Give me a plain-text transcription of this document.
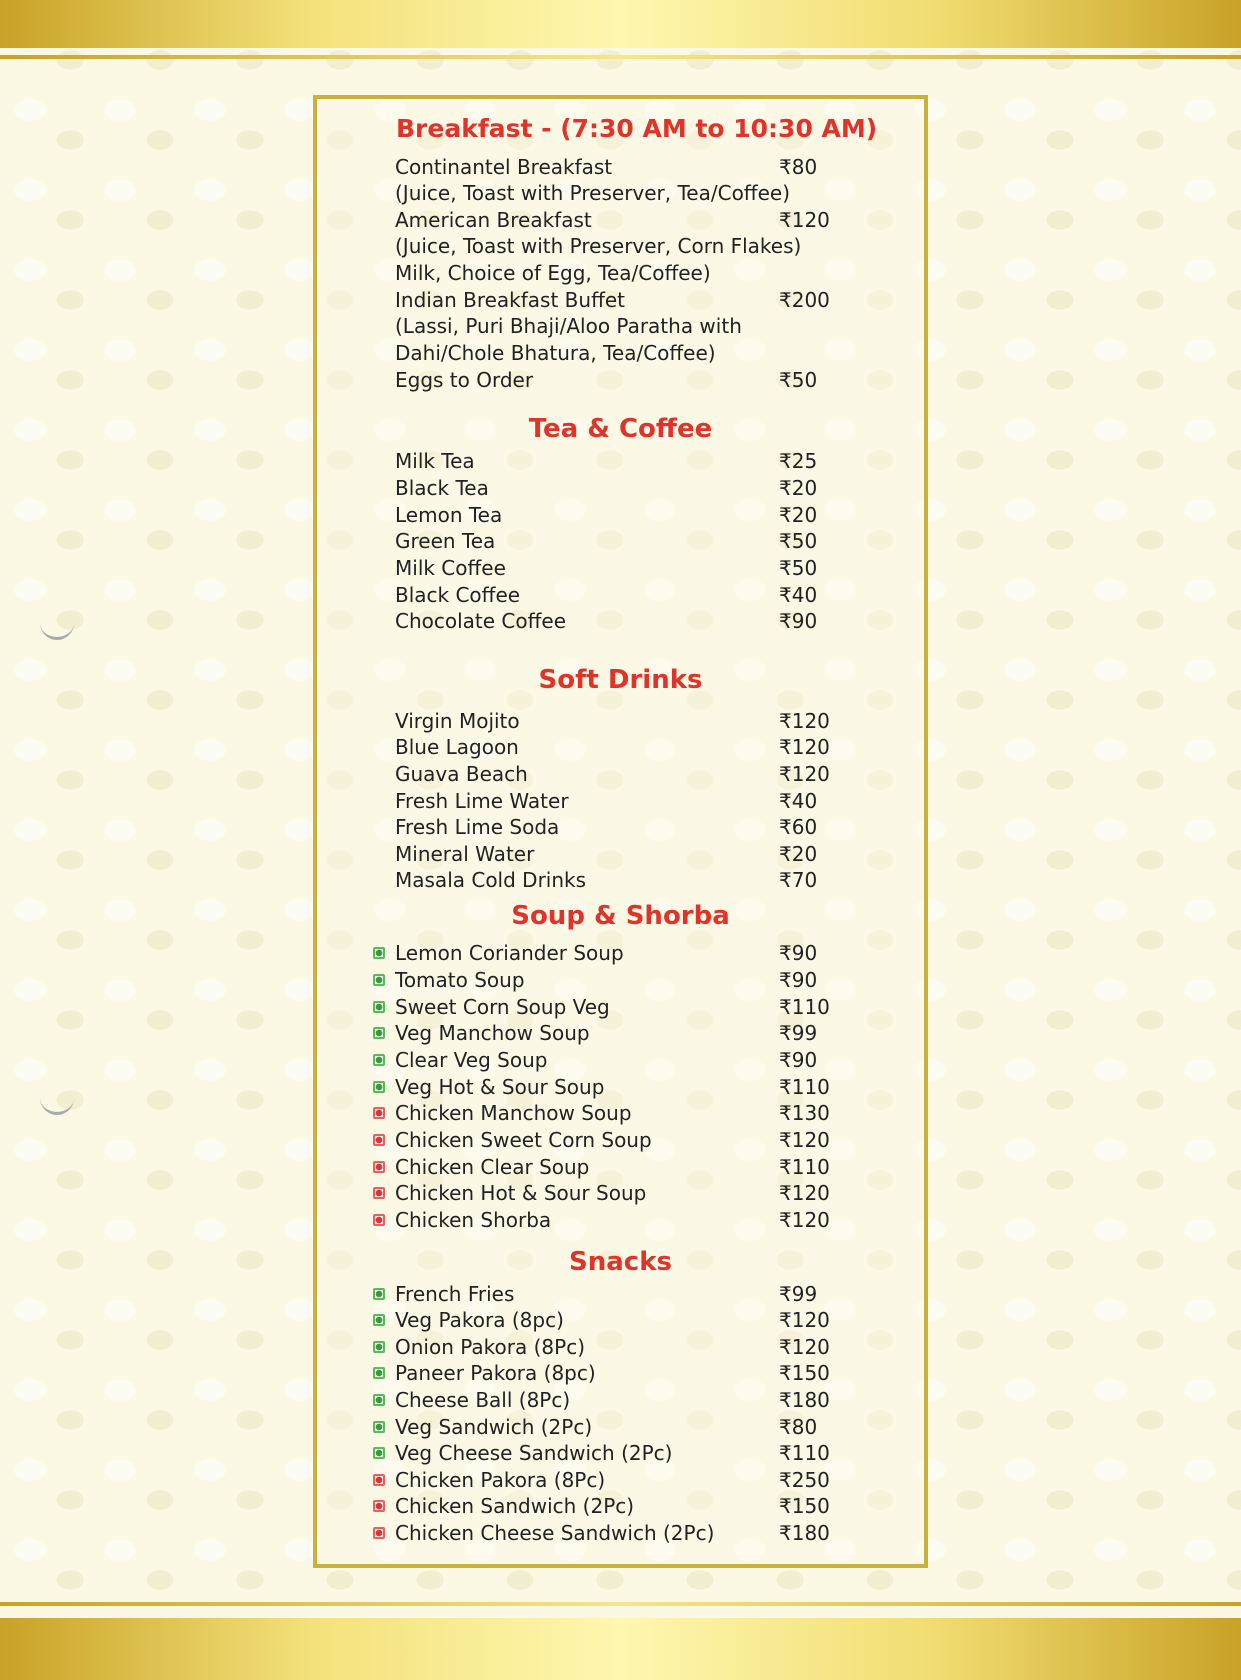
Breakfast - (7:30 AM to 10:30 AM)
Continantel Breakfast	₹80
(Juice, Toast with Preserver, Tea/Coffee)
American Breakfast	₹120
(Juice, Toast with Preserver, Corn Flakes)
Milk, Choice of Egg, Tea/Coffee)
Indian Breakfast Buffet	₹200
(Lassi, Puri Bhaji/Aloo Paratha with
Dahi/Chole Bhatura, Tea/Coffee)
Eggs to Order	₹50
Tea & Coffee
Milk Tea	₹25
Black Tea	₹20
Lemon Tea	₹20
Green Tea	₹50
Milk Coffee	₹50
Black Coffee	₹40
Chocolate Coffee	₹90
Soft Drinks
Virgin Mojito	₹120
Blue Lagoon	₹120
Guava Beach	₹120
Fresh Lime Water	₹40
Fresh Lime Soda	₹60
Mineral Water	₹20
Masala Cold Drinks	₹70
Soup & Shorba
Lemon Coriander Soup	₹90
Tomato Soup	₹90
Sweet Corn Soup Veg	₹110
Veg Manchow Soup	₹99
Clear Veg Soup	₹90
Veg Hot & Sour Soup	₹110
Chicken Manchow Soup	₹130
Chicken Sweet Corn Soup	₹120
Chicken Clear Soup	₹110
Chicken Hot & Sour Soup	₹120
Chicken Shorba	₹120
Snacks
French Fries	₹99
Veg Pakora (8pc)	₹120
Onion Pakora (8Pc)	₹120
Paneer Pakora (8pc)	₹150
Cheese Ball (8Pc)	₹180
Veg Sandwich (2Pc)	₹80
Veg Cheese Sandwich (2Pc)	₹110
Chicken Pakora (8Pc)	₹250
Chicken Sandwich (2Pc)	₹150
Chicken Cheese Sandwich (2Pc)	₹180
